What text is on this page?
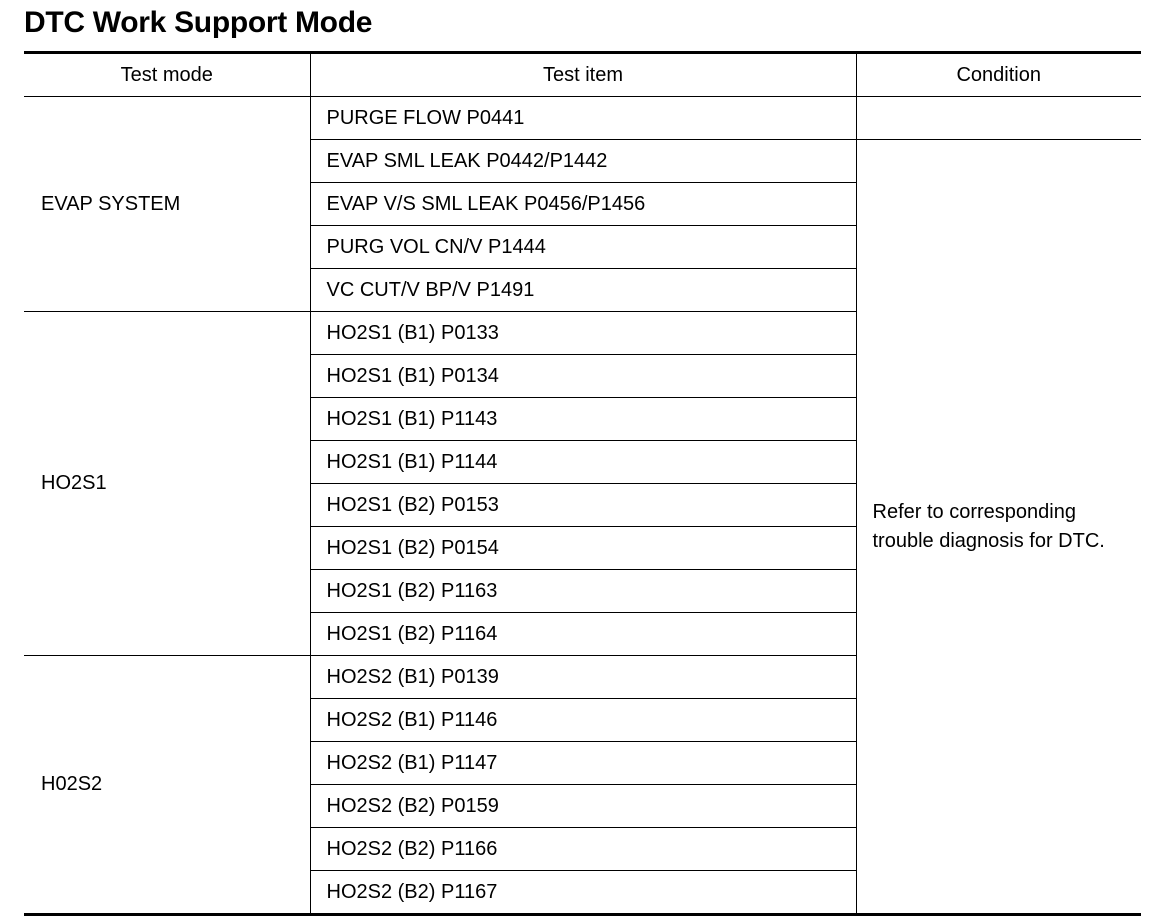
DTC Work Support Mode
Test mode	Test item	Condition
EVAP SYSTEM	PURGE FLOW P0441	
	EVAP SML LEAK P0442/P1442	Refer to corresponding trouble diagnosis for DTC.
	EVAP V/S SML LEAK P0456/P1456	
	PURG VOL CN/V P1444	
	VC CUT/V BP/V P1491	
HO2S1	HO2S1 (B1) P0133	
	HO2S1 (B1) P0134	
	HO2S1 (B1) P1143	
	HO2S1 (B1) P1144	
	HO2S1 (B2) P0153	
	HO2S1 (B2) P0154	
	HO2S1 (B2) P1163	
	HO2S1 (B2) P1164	
H02S2	HO2S2 (B1) P0139	
	HO2S2 (B1) P1146	
	HO2S2 (B1) P1147	
	HO2S2 (B2) P0159	
	HO2S2 (B2) P1166	
	HO2S2 (B2) P1167	
